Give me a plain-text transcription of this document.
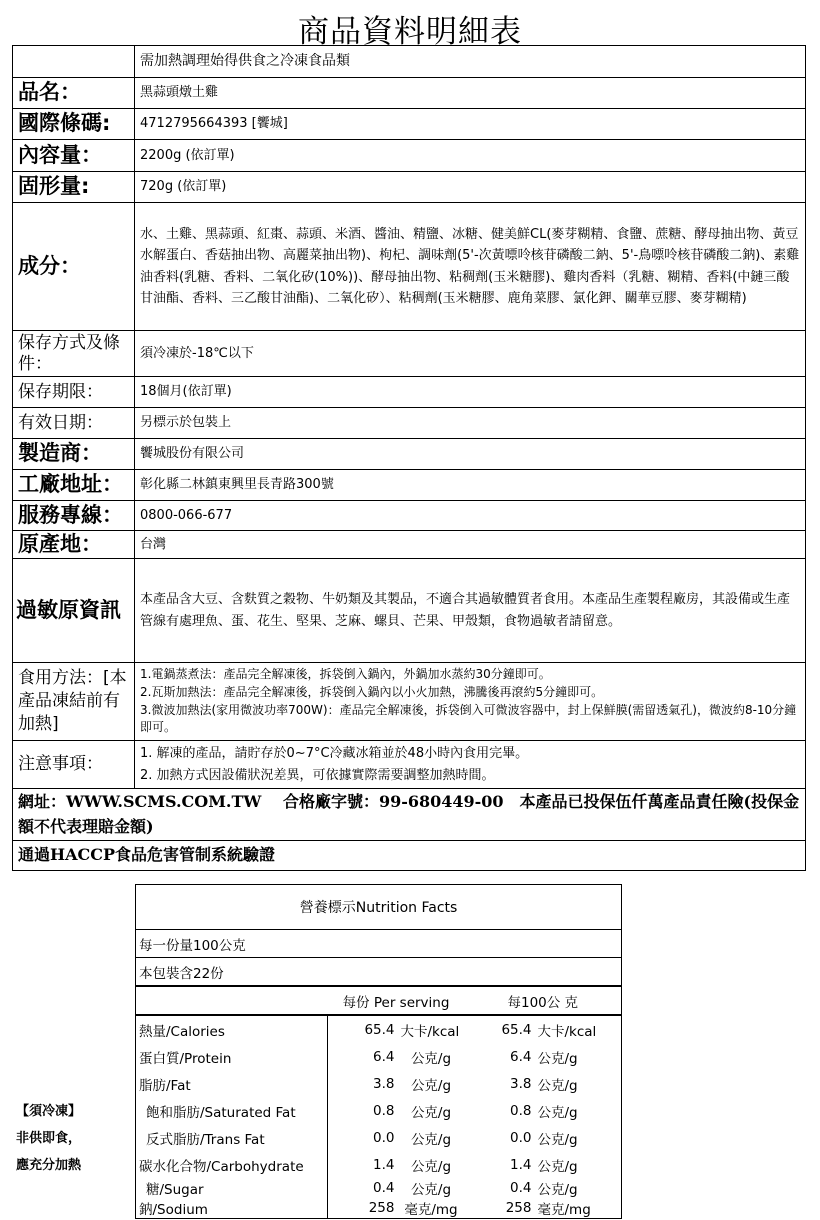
商品資料明細表
	需加熱調理始得供食之冷凍食品類
品名：	黑蒜頭燉土雞
國際條碼:	4712795664393 [饗城]
內容量：	2200g (依訂單)
固形量:	720g (依訂單)
成分：	水、土雞、黑蒜頭、紅棗、蒜頭、米酒、醬油、精鹽、冰糖、健美鮮CL(麥芽糊精、食鹽、蔗糖、酵母抽出物、黃豆水解蛋白、香菇抽出物、高麗菜抽出物)、枸杞、調味劑(5'-次黃嘌呤核苷磷酸二鈉、5'-鳥嘌呤核苷磷酸二鈉)、素雞油香料(乳糖、香料、二氧化矽(10%))、酵母抽出物、粘稠劑(玉米糖膠)、雞肉香料（乳糖、糊精、香料(中鏈三酸甘油酯、香料、三乙酸甘油酯)、二氧化矽）、粘稠劑(玉米糖膠、鹿角菜膠、氯化鉀、關華豆膠、麥芽糊精)
保存方式及條件：	須冷凍於-18℃以下
保存期限：	18個月(依訂單)
有效日期：	另標示於包裝上
製造商：	饗城股份有限公司
工廠地址：	彰化縣二林鎮東興里長青路300號
服務專線：	0800-066-677
原產地：	台灣
過敏原資訊	本產品含大豆、含麩質之穀物、牛奶類及其製品，不適合其過敏體質者食用。本產品生產製程廠房，其設備或生產管線有處理魚、蛋、花生、堅果、芝麻、螺貝、芒果、甲殼類，食物過敏者請留意。
食用方法：[本產品凍結前有加熱]	1.電鍋蒸煮法：產品完全解凍後，拆袋倒入鍋內，外鍋加水蒸約30分鐘即可。
2.瓦斯加熱法：產品完全解凍後，拆袋倒入鍋內以小火加熱，沸騰後再滾約5分鐘即可。
3.微波加熱法(家用微波功率700W)：產品完全解凍後，拆袋倒入可微波容器中，封上保鮮膜(需留透氣孔)，微波約8-10分鐘即可。
注意事項：	1. 解凍的產品，請貯存於0~7°C冷藏冰箱並於48小時內食用完畢。
2. 加熱方式因設備狀況差異，可依據實際需要調整加熱時間。
網址：WWW.SCMS.COM.TW　 合格廠字號：99-680449-00　本產品已投保伍仟萬產品責任險(投保金額不代表理賠金額)	
通過HACCP食品危害管制系統驗證	
【須冷凍】
非供即食，
應充分加熱
營養標示Nutrition Facts				
每一份量100公克				
本包裝含22份				
	每份 Per serving		每100公 克	
熱量/Calories	65.4	大卡/kcal	65.4	大卡/kcal
蛋白質/Protein	6.4	公克/g	6.4	公克/g
脂肪/Fat	3.8	公克/g	3.8	公克/g
飽和脂肪/Saturated Fat	0.8	公克/g	0.8	公克/g
反式脂肪/Trans Fat	0.0	公克/g	0.0	公克/g
碳水化合物/Carbohydrate	1.4	公克/g	1.4	公克/g
糖/Sugar	0.4	公克/g	0.4	公克/g
鈉/Sodium	258	毫克/mg	258	毫克/mg
